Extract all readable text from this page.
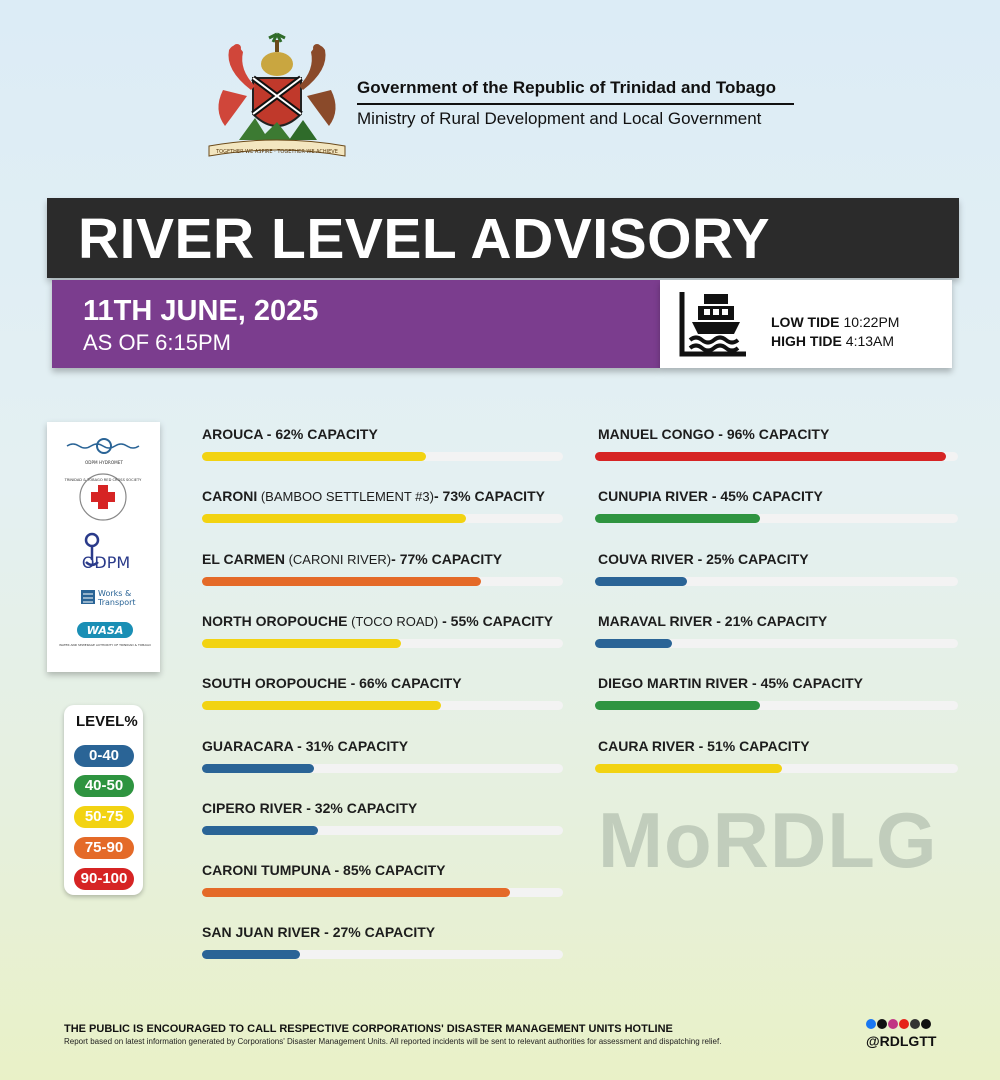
TOGETHER WE ASPIRE · TOGETHER WE ACHIEVE
Government of the Republic of Trinidad and Tobago
Ministry of Rural Development and Local Government
RIVER LEVEL ADVISORY
11TH JUNE, 2025
AS OF 6:15PM
LOW TIDE 10:22PM
HIGH TIDE 4:13AM
ODPM HYDROMET
TRINIDAD & TOBAGO RED CROSS SOCIETY
ODPM
Works &
Transport
WASA
WATER AND SEWERAGE AUTHORITY OF TRINIDAD & TOBAGO
LEVEL%
0-40
40-50
50-75
75-90
90-100
AROUCA - 62% CAPACITY
CARONI (BAMBOO SETTLEMENT #3)- 73% CAPACITY
EL CARMEN (CARONI RIVER)- 77% CAPACITY
NORTH OROPOUCHE (TOCO ROAD) - 55% CAPACITY
SOUTH OROPOUCHE - 66% CAPACITY
GUARACARA - 31% CAPACITY
CIPERO RIVER - 32% CAPACITY
CARONI TUMPUNA - 85% CAPACITY
SAN JUAN RIVER - 27% CAPACITY
MANUEL CONGO - 96% CAPACITY
CUNUPIA RIVER - 45% CAPACITY
COUVA RIVER - 25% CAPACITY
MARAVAL RIVER - 21% CAPACITY
DIEGO MARTIN RIVER - 45% CAPACITY
CAURA RIVER - 51% CAPACITY
MoRDLG
THE PUBLIC IS ENCOURAGED TO CALL RESPECTIVE CORPORATIONS' DISASTER MANAGEMENT UNITS HOTLINE
Report based on latest information generated by Corporations' Disaster Management Units. All reported incidents will be sent to relevant authorities for assessment and dispatching relief.	@RDLGTT
